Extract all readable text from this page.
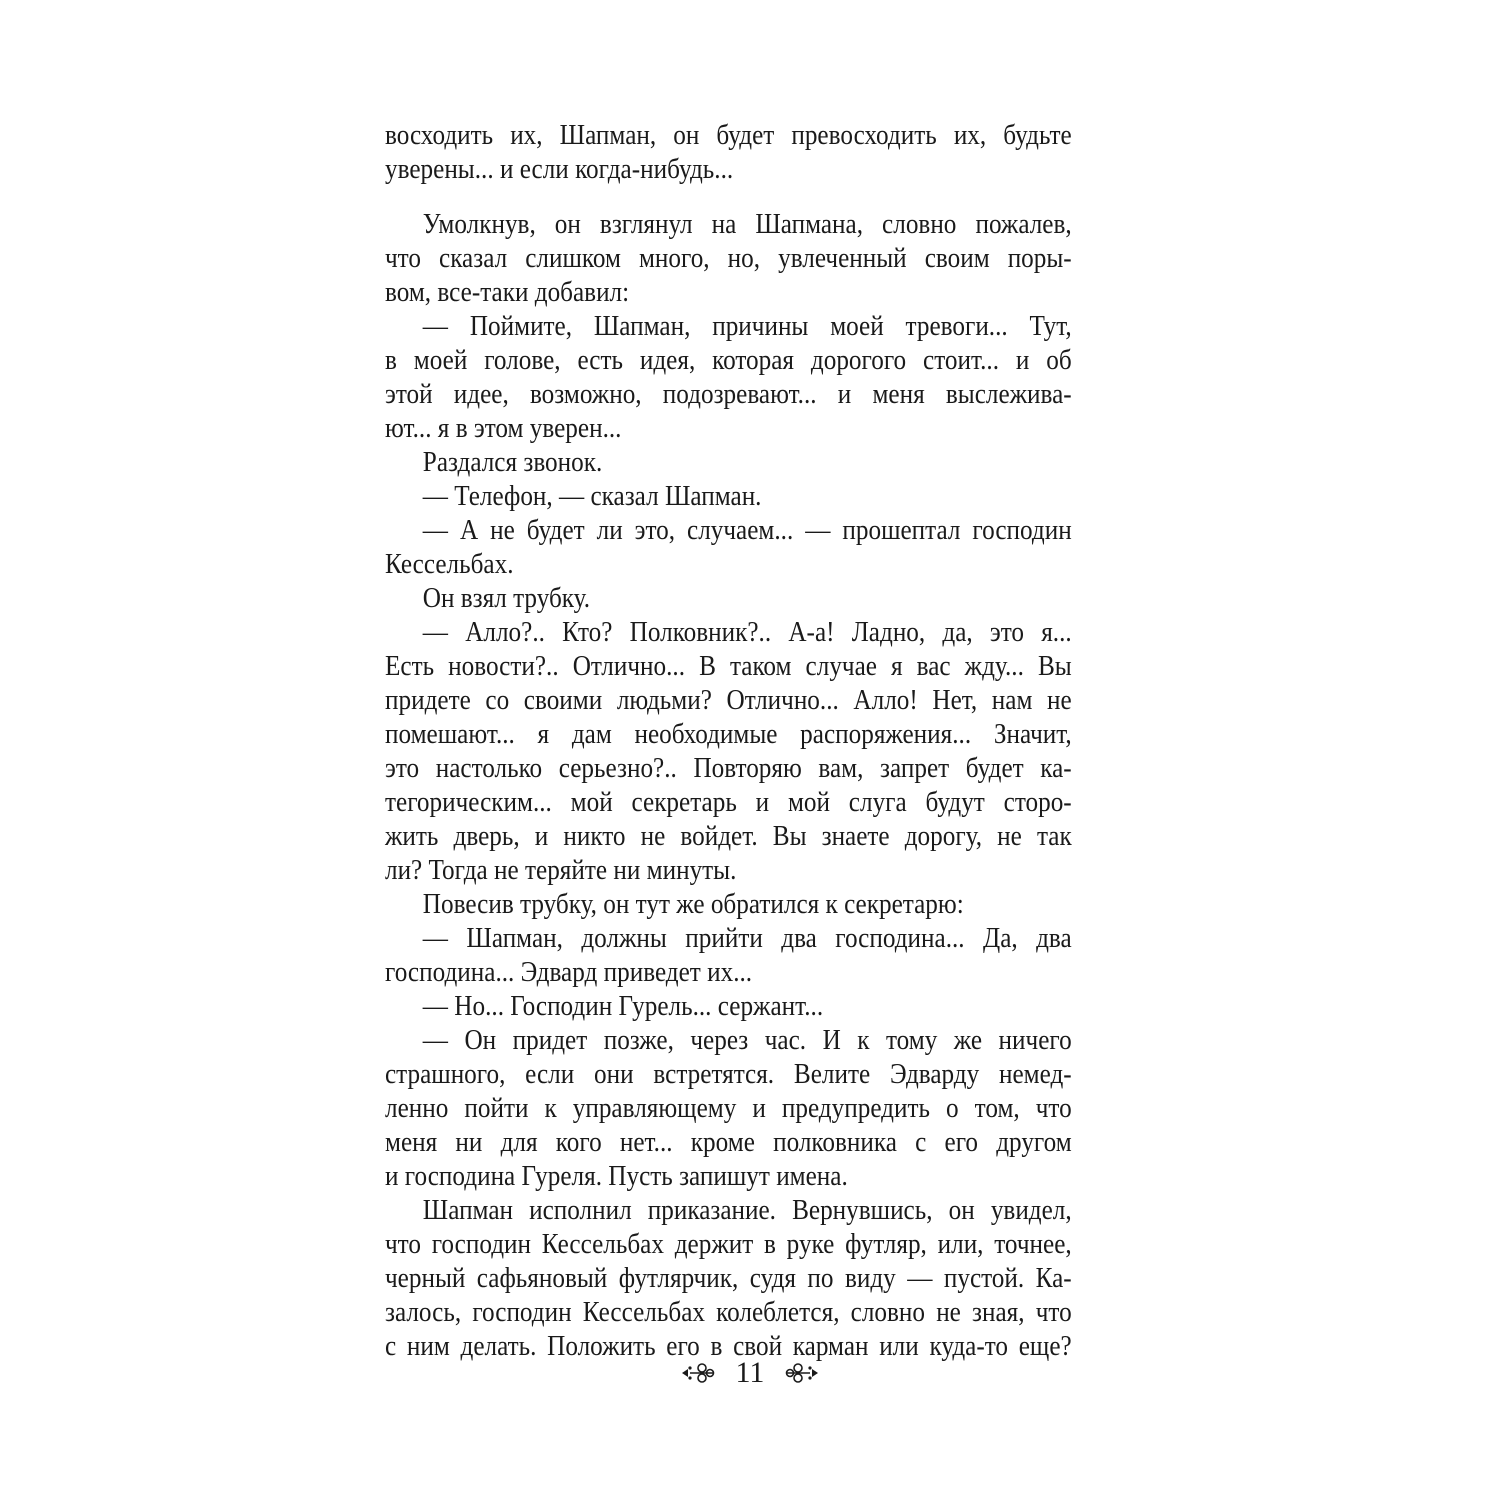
восходить их, Шапман, он будет превосходить их, будьте
уверены... и если когда-нибудь...
Умолкнув, он взглянул на Шапмана, словно пожалев,
что сказал слишком много, но, увлеченный своим поры-
вом, все-таки добавил:
— Поймите, Шапман, причины моей тревоги... Тут,
в моей голове, есть идея, которая дорогого стоит... и об
этой идее, возможно, подозревают... и меня выслежива-
ют... я в этом уверен...
Раздался звонок.
— Телефон, — сказал Шапман.
— А не будет ли это, случаем... — прошептал господин
Кессельбах.
Он взял трубку.
— Алло?.. Кто? Полковник?.. А-а! Ладно, да, это я...
Есть новости?.. Отлично... В таком случае я вас жду... Вы
придете со своими людьми? Отлично... Алло! Нет, нам не
помешают... я дам необходимые распоряжения... Значит,
это настолько серьезно?.. Повторяю вам, запрет будет ка-
тегорическим... мой секретарь и мой слуга будут сторо-
жить дверь, и никто не войдет. Вы знаете дорогу, не так
ли? Тогда не теряйте ни минуты.
Повесив трубку, он тут же обратился к секретарю:
— Шапман, должны прийти два господина... Да, два
господина... Эдвард приведет их...
— Но... Господин Гурель... сержант...
— Он придет позже, через час. И к тому же ничего
страшного, если они встретятся. Велите Эдварду немед-
ленно пойти к управляющему и предупредить о том, что
меня ни для кого нет... кроме полковника с его другом
и господина Гуреля. Пусть запишут имена.
Шапман исполнил приказание. Вернувшись, он увидел,
что господин Кессельбах держит в руке футляр, или, точнее,
черный сафьяновый футлярчик, судя по виду — пустой. Ка-
залось, господин Кессельбах колеблется, словно не зная, что
с ним делать. Положить его в свой карман или куда-то еще?
11
